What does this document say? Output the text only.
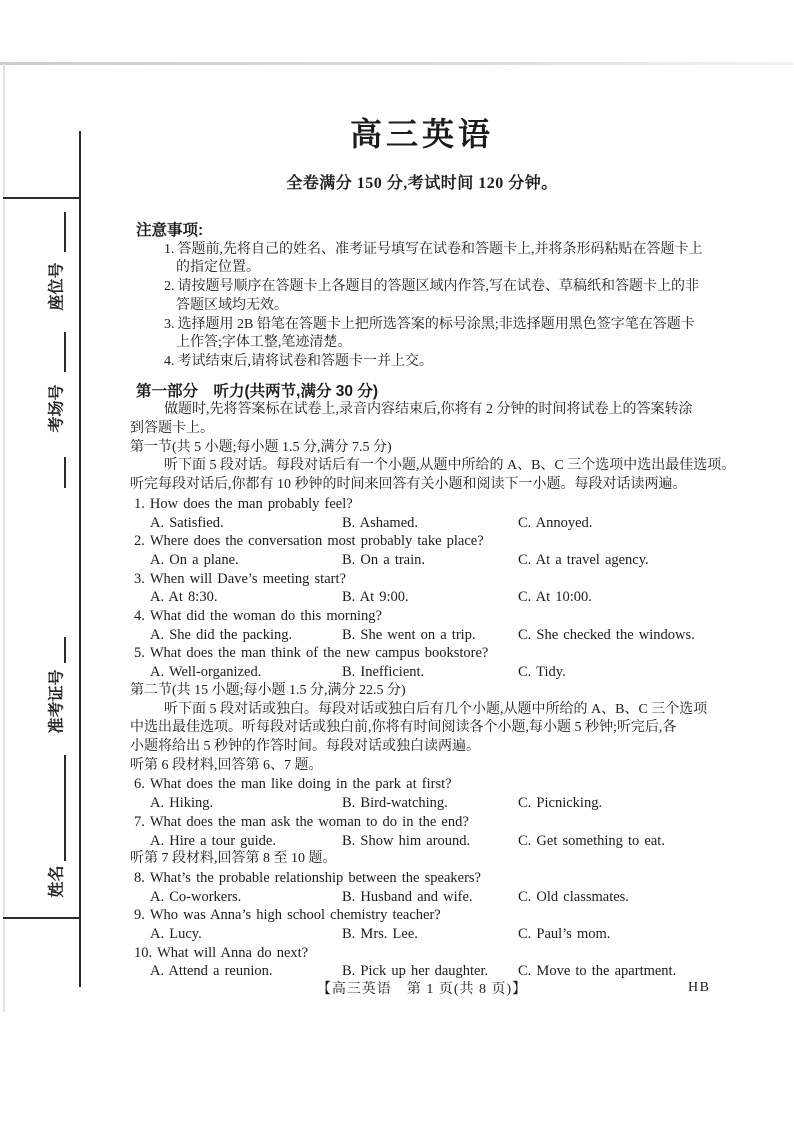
座位号
考场号
准考证号
姓名
高三英语
全卷满分 150 分,考试时间 120 分钟。
注意事项:
1. 答题前,先将自己的姓名、准考证号填写在试卷和答题卡上,并将条形码粘贴在答题卡上
的指定位置。
2. 请按题号顺序在答题卡上各题目的答题区域内作答,写在试卷、草稿纸和答题卡上的非
答题区域均无效。
3. 选择题用 2B 铅笔在答题卡上把所选答案的标号涂黑;非选择题用黑色签字笔在答题卡
上作答;字体工整,笔迹清楚。
4. 考试结束后,请将试卷和答题卡一并上交。
第一部分　听力(共两节,满分 30 分)
做题时,先将答案标在试卷上,录音内容结束后,你将有 2 分钟的时间将试卷上的答案转涂
到答题卡上。
第一节(共 5 小题;每小题 1.5 分,满分 7.5 分)
听下面 5 段对话。每段对话后有一个小题,从题中所给的 A、B、C 三个选项中选出最佳选项。
听完每段对话后,你都有 10 秒钟的时间来回答有关小题和阅读下一小题。每段对话读两遍。
1. How does the man probably feel?
A. Satisfied.	B. Ashamed.	C. Annoyed.
2. Where does the conversation most probably take place?
A. On a plane.	B. On a train.	C. At a travel agency.
3. When will Dave’s meeting start?
A. At 8:30.	B. At 9:00.	C. At 10:00.
4. What did the woman do this morning?
A. She did the packing.	B. She went on a trip.	C. She checked the windows.
5. What does the man think of the new campus bookstore?
A. Well-organized.	B. Inefficient.	C. Tidy.
第二节(共 15 小题;每小题 1.5 分,满分 22.5 分)
听下面 5 段对话或独白。每段对话或独白后有几个小题,从题中所给的 A、B、C 三个选项
中选出最佳选项。听每段对话或独白前,你将有时间阅读各个小题,每小题 5 秒钟;听完后,各
小题将给出 5 秒钟的作答时间。每段对话或独白读两遍。
听第 6 段材料,回答第 6、7 题。
6. What does the man like doing in the park at first?
A. Hiking.	B. Bird-watching.	C. Picnicking.
7. What does the man ask the woman to do in the end?
A. Hire a tour guide.	B. Show him around.	C. Get something to eat.
听第 7 段材料,回答第 8 至 10 题。
8. What’s the probable relationship between the speakers?
A. Co-workers.	B. Husband and wife.	C. Old classmates.
9. Who was Anna’s high school chemistry teacher?
A. Lucy.	B. Mrs. Lee.	C. Paul’s mom.
10. What will Anna do next?
A. Attend a reunion.	B. Pick up her daughter.	C. Move to the apartment.
【高三英语　第 1 页(共 8 页)】	HB
